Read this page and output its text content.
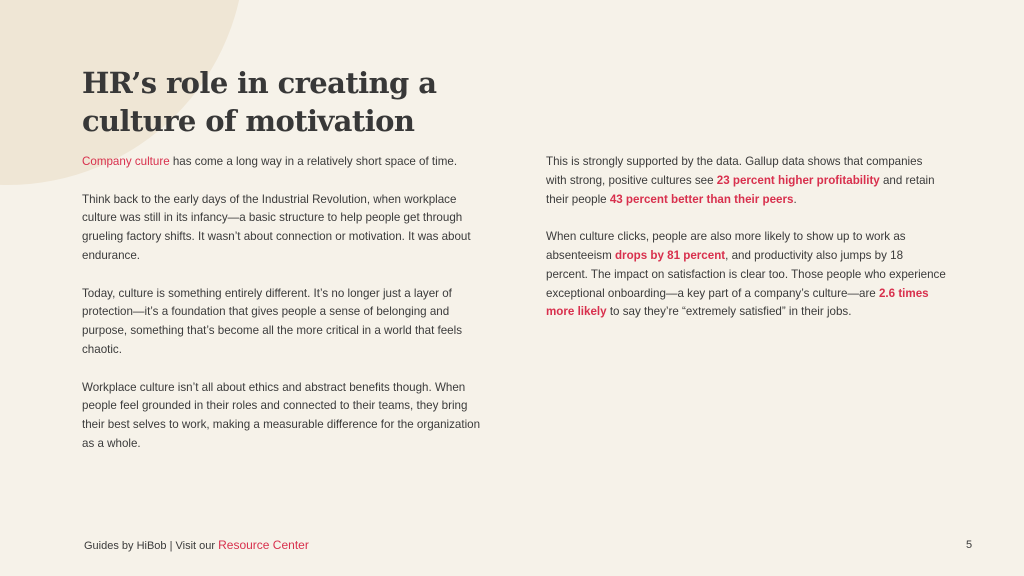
HR’s role in creating a
culture of motivation

Company culture has come a long way in a relatively short space of time.

Think back to the early days of the Industrial Revolution, when workplace culture was still in its infancy—a basic structure to help people get through grueling factory shifts. It wasn’t about connection or motivation. It was about endurance.

Today, culture is something entirely different. It’s no longer just a layer of protection—it’s a foundation that gives people a sense of belonging and purpose, something that’s become all the more critical in a world that feels chaotic.

Workplace culture isn’t all about ethics and abstract benefits though. When people feel grounded in their roles and connected to their teams, they bring their best selves to work, making a measurable difference for the organization as a whole.

This is strongly supported by the data. Gallup data shows that companies with strong, positive cultures see 23 percent higher profitability and retain their people 43 percent better than their peers.

When culture clicks, people are also more likely to show up to work as absenteeism drops by 81 percent, and productivity also jumps by 18 percent. The impact on satisfaction is clear too. Those people who experience exceptional onboarding—a key part of a company’s culture—are 2.6 times more likely to say they’re “extremely satisfied” in their jobs.

Guides by HiBob | Visit our Resource Center	5
